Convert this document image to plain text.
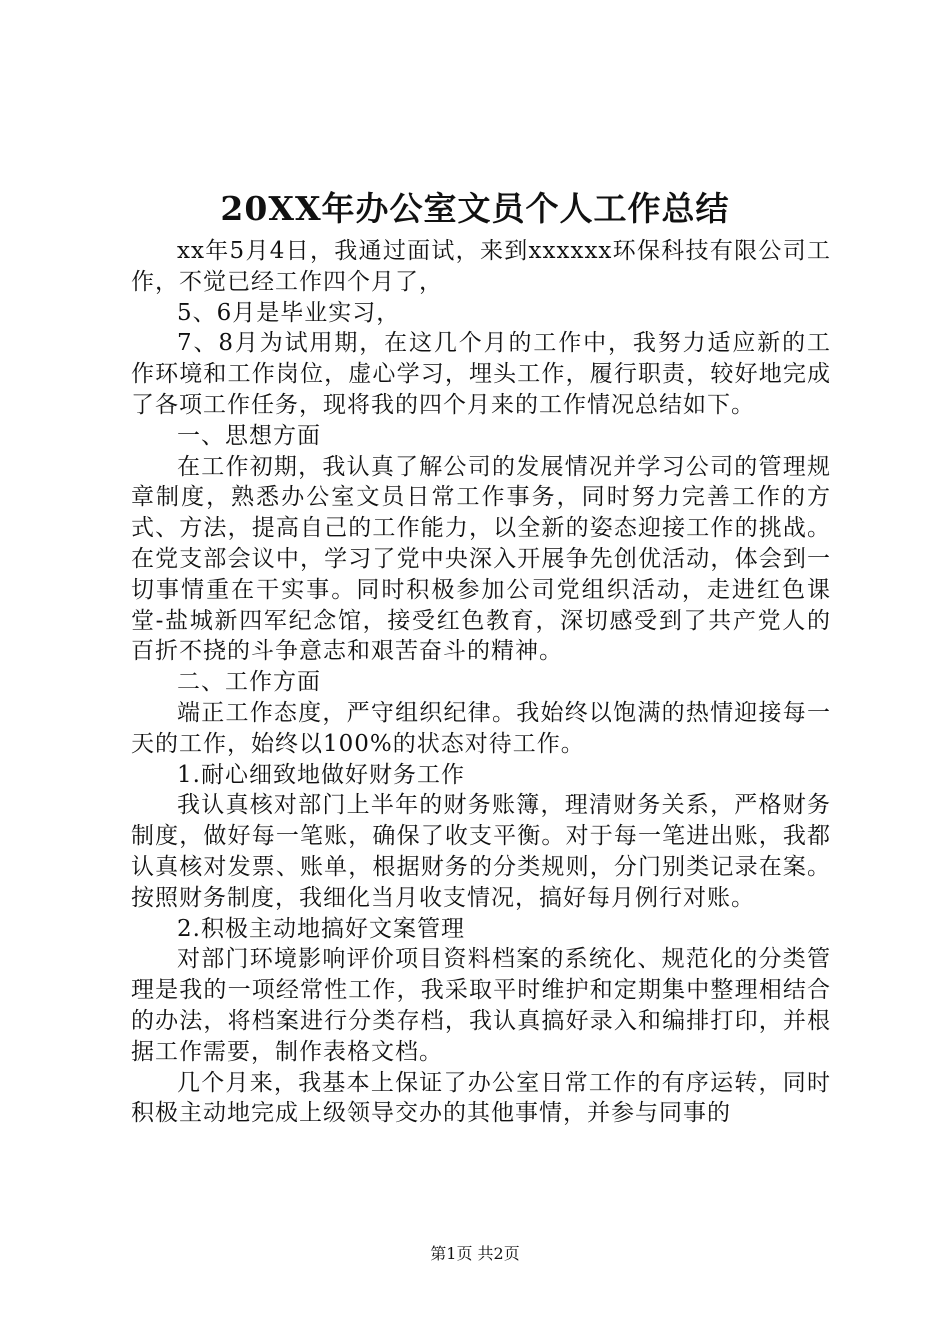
20XX年办公室文员个人工作总结

xx年5月4日，我通过面试，来到xxxxxx环保科技有限公司工作，不觉已经工作四个月了，

5、6月是毕业实习，

7、8月为试用期，在这几个月的工作中，我努力适应新的工作环境和工作岗位，虚心学习，埋头工作，履行职责，较好地完成了各项工作任务，现将我的四个月来的工作情况总结如下。

一、思想方面

在工作初期，我认真了解公司的发展情况并学习公司的管理规章制度，熟悉办公室文员日常工作事务，同时努力完善工作的方式、方法，提高自己的工作能力，以全新的姿态迎接工作的挑战。在党支部会议中，学习了党中央深入开展争先创优活动，体会到一切事情重在干实事。同时积极参加公司党组织活动，走进红色课堂-盐城新四军纪念馆，接受红色教育，深切感受到了共产党人的百折不挠的斗争意志和艰苦奋斗的精神。

二、工作方面

端正工作态度，严守组织纪律。我始终以饱满的热情迎接每一天的工作，始终以100%的状态对待工作。

1.耐心细致地做好财务工作

我认真核对部门上半年的财务账簿，理清财务关系，严格财务制度，做好每一笔账，确保了收支平衡。对于每一笔进出账，我都认真核对发票、账单，根据财务的分类规则，分门别类记录在案。按照财务制度，我细化当月收支情况，搞好每月例行对账。

2.积极主动地搞好文案管理

对部门环境影响评价项目资料档案的系统化、规范化的分类管理是我的一项经常性工作，我采取平时维护和定期集中整理相结合的办法，将档案进行分类存档，我认真搞好录入和编排打印，并根据工作需要，制作表格文档。

几个月来，我基本上保证了办公室日常工作的有序运转，同时积极主动地完成上级领导交办的其他事情，并参与同事的

第1页 共2页
